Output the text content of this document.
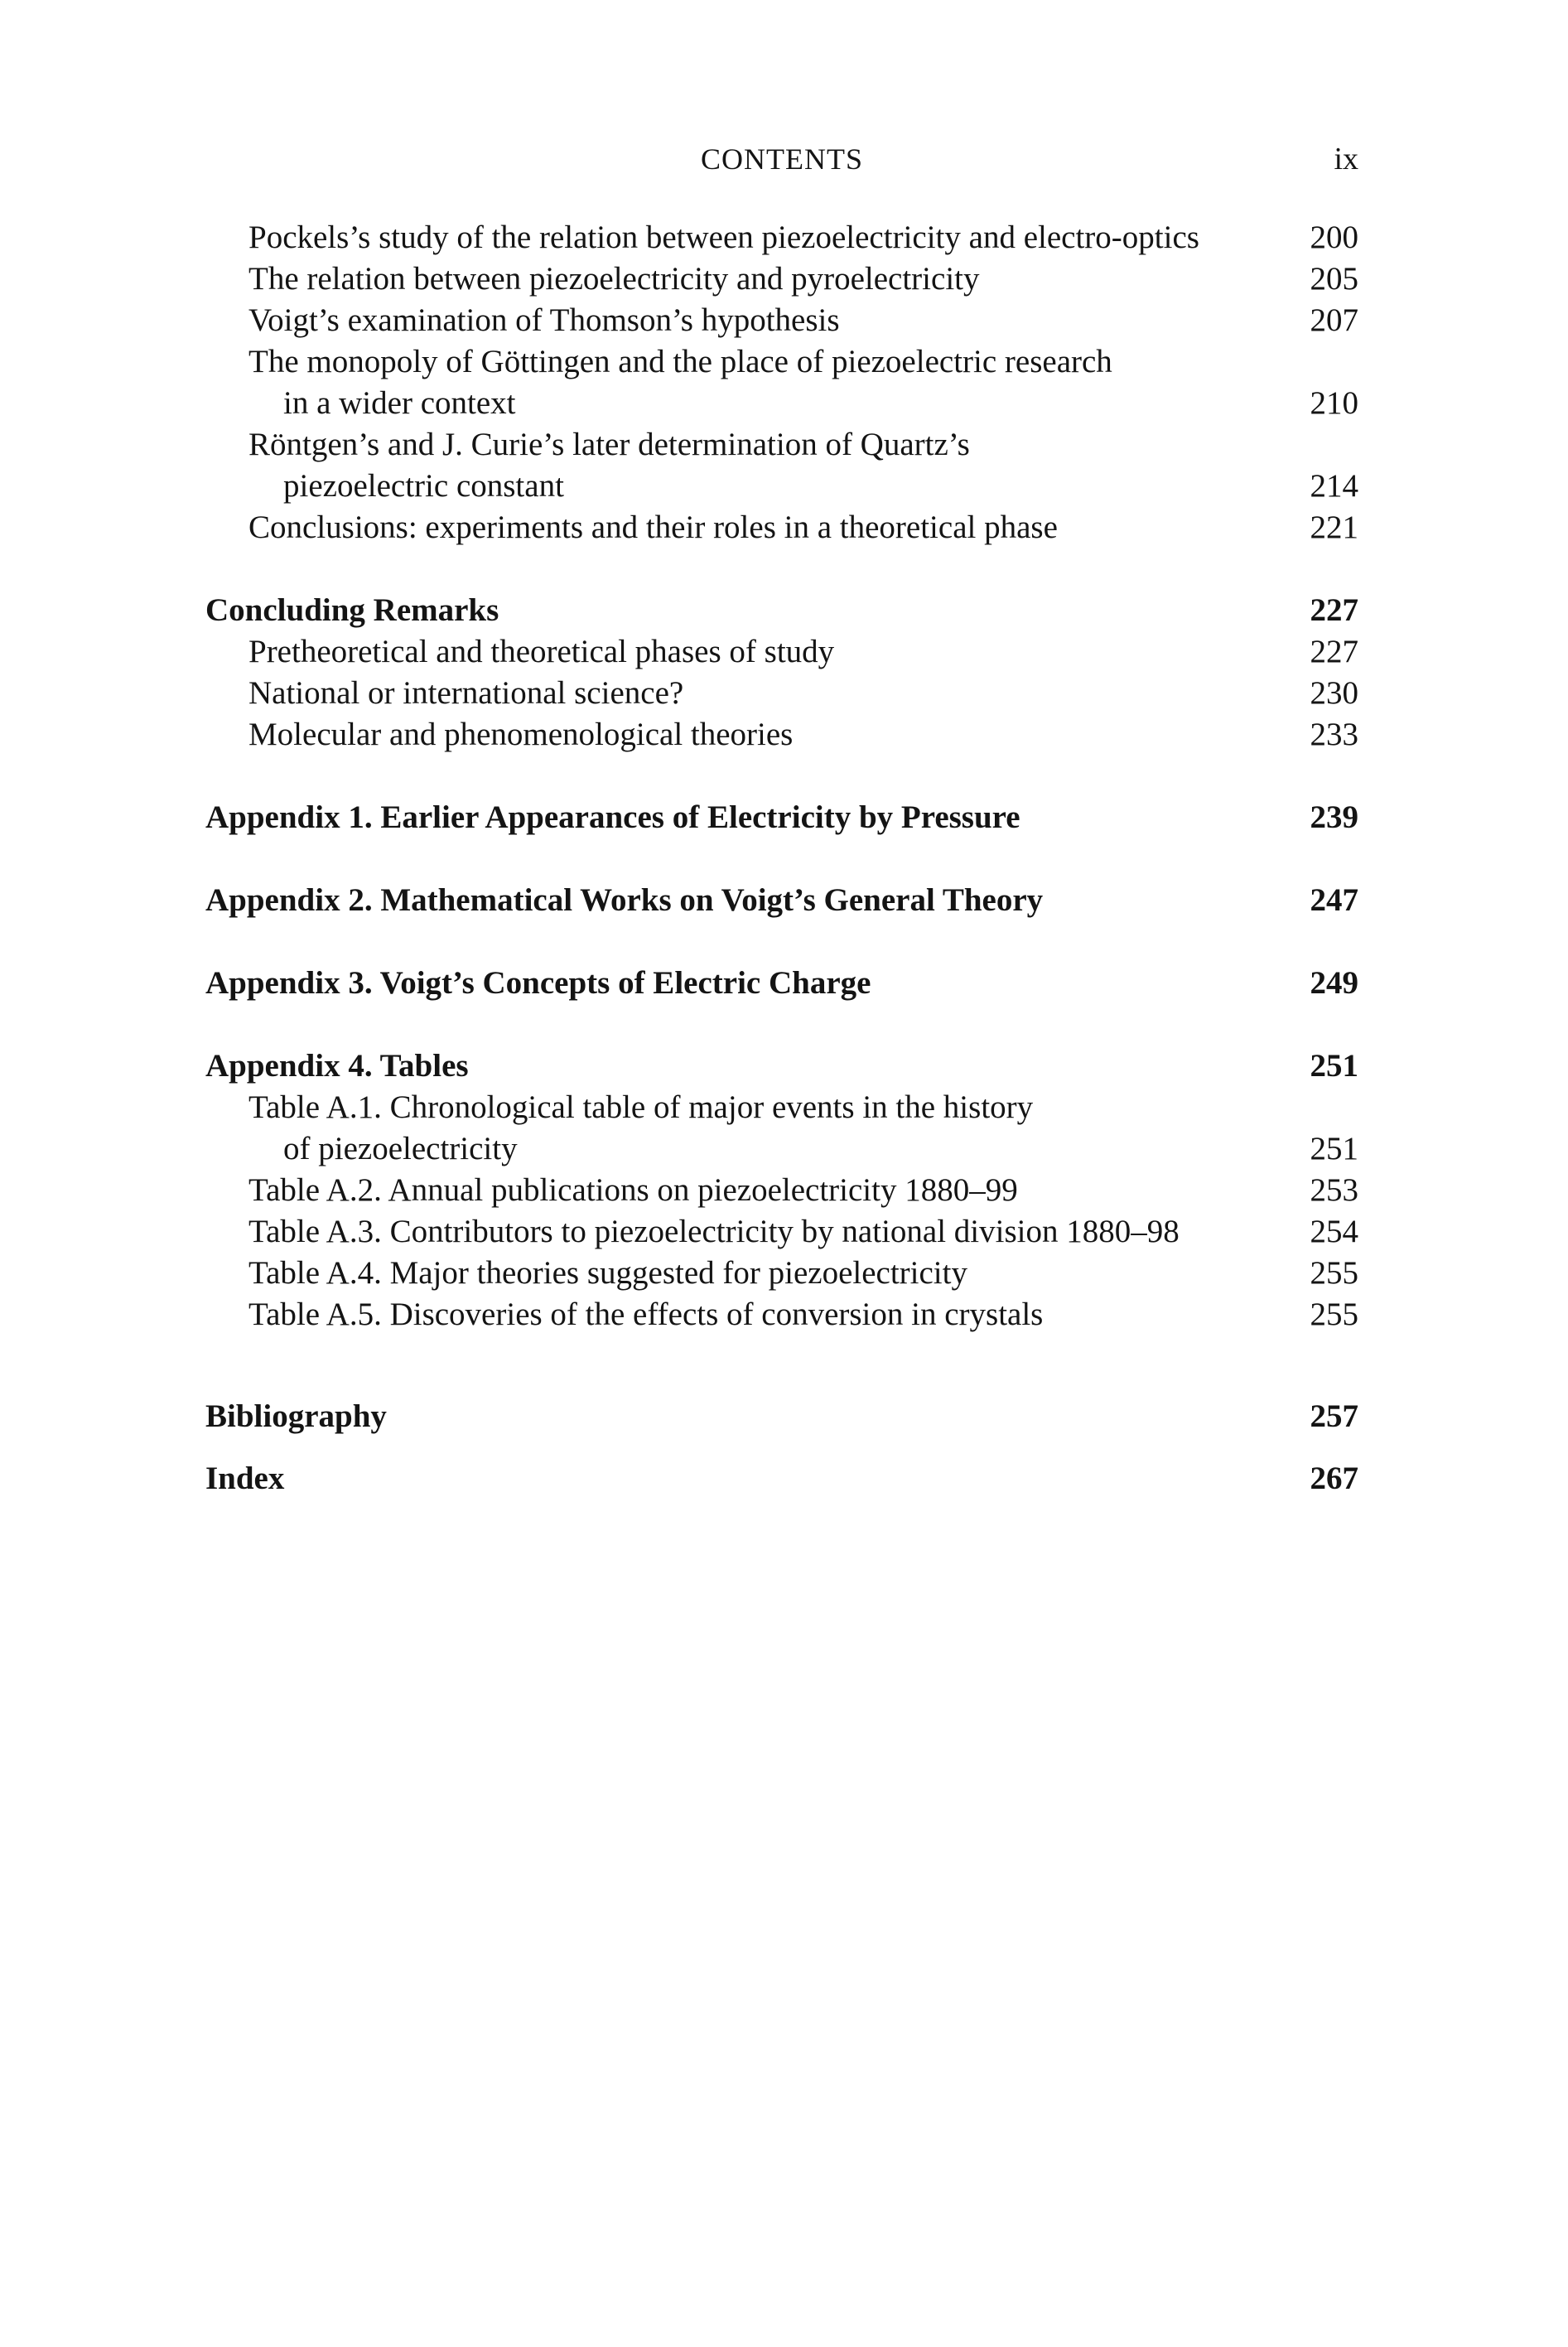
CONTENTS	ix
Pockels’s study of the relation between piezoelectricity and electro-optics	200
The relation between piezoelectricity and pyroelectricity	205
Voigt’s examination of Thomson’s hypothesis	207
The monopoly of Göttingen and the place of piezoelectric research
in a wider context	210
Röntgen’s and J. Curie’s later determination of Quartz’s
piezoelectric constant	214
Conclusions: experiments and their roles in a theoretical phase	221
Concluding Remarks	227
Pretheoretical and theoretical phases of study	227
National or international science?	230
Molecular and phenomenological theories	233
Appendix 1. Earlier Appearances of Electricity by Pressure	239
Appendix 2. Mathematical Works on Voigt’s General Theory	247
Appendix 3. Voigt’s Concepts of Electric Charge	249
Appendix 4. Tables	251
Table A.1. Chronological table of major events in the history
of piezoelectricity	251
Table A.2. Annual publications on piezoelectricity 1880–99	253
Table A.3. Contributors to piezoelectricity by national division 1880–98	254
Table A.4. Major theories suggested for piezoelectricity	255
Table A.5. Discoveries of the effects of conversion in crystals	255
Bibliography	257
Index	267
